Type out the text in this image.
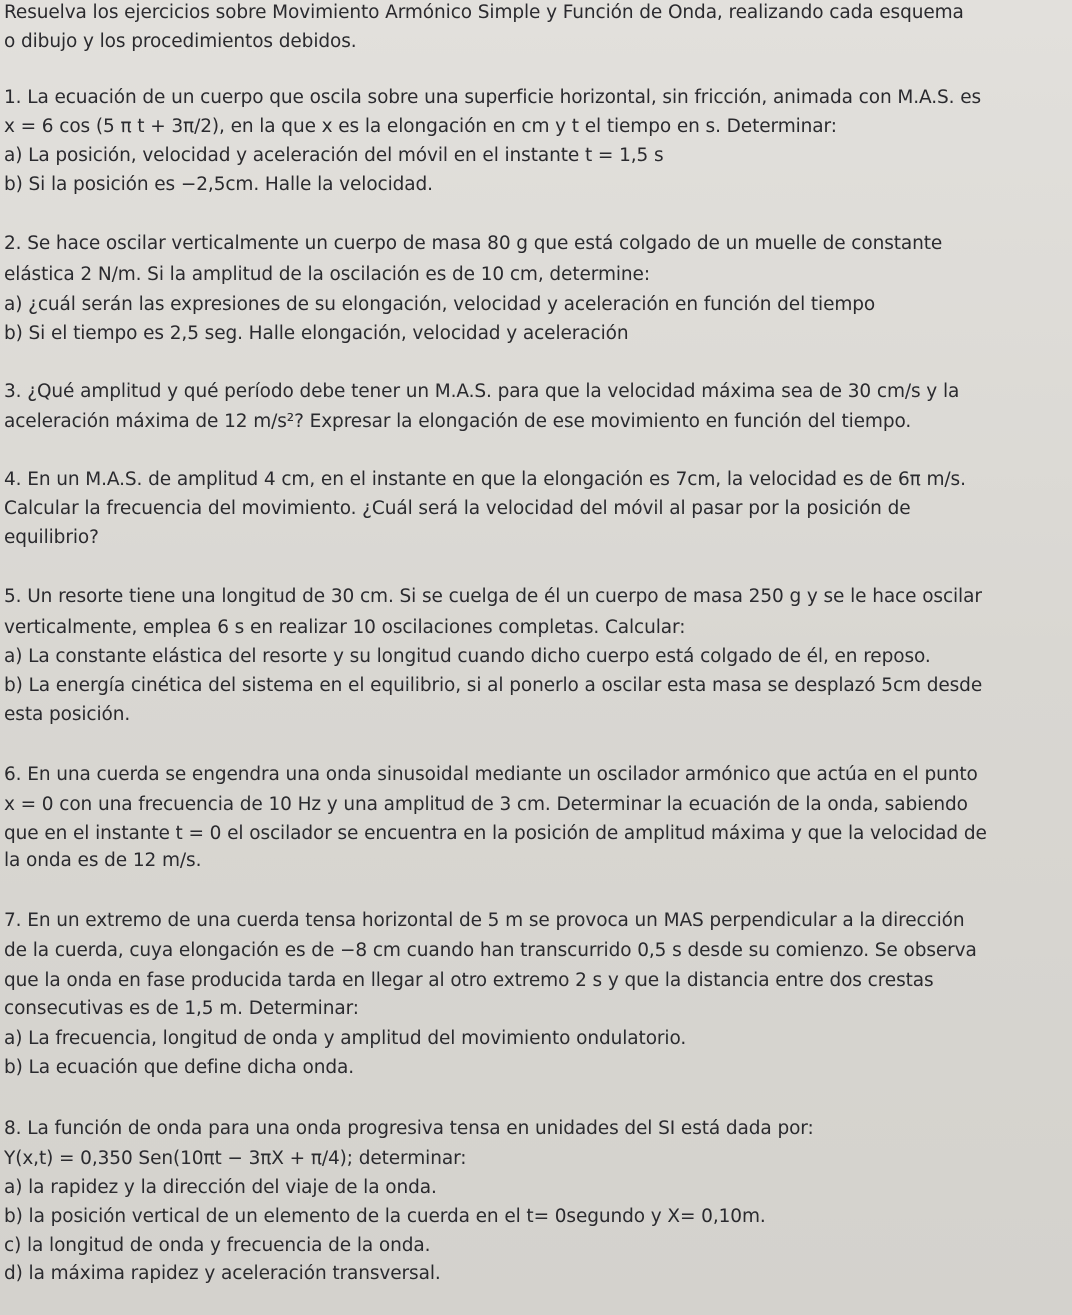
Resuelva los ejercicios sobre Movimiento Armónico Simple y Función de Onda, realizando cada esquema
o dibujo y los procedimientos debidos.
1. La ecuación de un cuerpo que oscila sobre una superficie horizontal, sin fricción, animada con M.A.S. es
x = 6 cos (5 π t + 3π/2), en la que x es la elongación en cm y t el tiempo en s. Determinar:
a) La posición, velocidad y aceleración del móvil en el instante t = 1,5 s
b) Si la posición es −2,5cm. Halle la velocidad.
2. Se hace oscilar verticalmente un cuerpo de masa 80 g que está colgado de un muelle de constante
elástica 2 N/m. Si la amplitud de la oscilación es de 10 cm, determine:
a) ¿cuál serán las expresiones de su elongación, velocidad y aceleración en función del tiempo
b) Si el tiempo es 2,5 seg. Halle elongación, velocidad y aceleración
3. ¿Qué amplitud y qué período debe tener un M.A.S. para que la velocidad máxima sea de 30 cm/s y la
aceleración máxima de 12 m/s²? Expresar la elongación de ese movimiento en función del tiempo.
4. En un M.A.S. de amplitud 4 cm, en el instante en que la elongación es 7cm, la velocidad es de 6π m/s.
Calcular la frecuencia del movimiento. ¿Cuál será la velocidad del móvil al pasar por la posición de
equilibrio?
5. Un resorte tiene una longitud de 30 cm. Si se cuelga de él un cuerpo de masa 250 g y se le hace oscilar
verticalmente, emplea 6 s en realizar 10 oscilaciones completas. Calcular:
a) La constante elástica del resorte y su longitud cuando dicho cuerpo está colgado de él, en reposo.
b) La energía cinética del sistema en el equilibrio, si al ponerlo a oscilar esta masa se desplazó 5cm desde
esta posición.
6. En una cuerda se engendra una onda sinusoidal mediante un oscilador armónico que actúa en el punto
x = 0 con una frecuencia de 10 Hz y una amplitud de 3 cm. Determinar la ecuación de la onda, sabiendo
que en el instante t = 0 el oscilador se encuentra en la posición de amplitud máxima y que la velocidad de
la onda es de 12 m/s.
7. En un extremo de una cuerda tensa horizontal de 5 m se provoca un MAS perpendicular a la dirección
de la cuerda, cuya elongación es de −8 cm cuando han transcurrido 0,5 s desde su comienzo. Se observa
que la onda en fase producida tarda en llegar al otro extremo 2 s y que la distancia entre dos crestas
consecutivas es de 1,5 m. Determinar:
a) La frecuencia, longitud de onda y amplitud del movimiento ondulatorio.
b) La ecuación que define dicha onda.
8. La función de onda para una onda progresiva tensa en unidades del SI está dada por:
Y(x,t) = 0,350 Sen(10πt − 3πX + π/4); determinar:
a) la rapidez y la dirección del viaje de la onda.
b) la posición vertical de un elemento de la cuerda en el t= 0segundo y X= 0,10m.
c) la longitud de onda y frecuencia de la onda.
d) la máxima rapidez y aceleración transversal.
